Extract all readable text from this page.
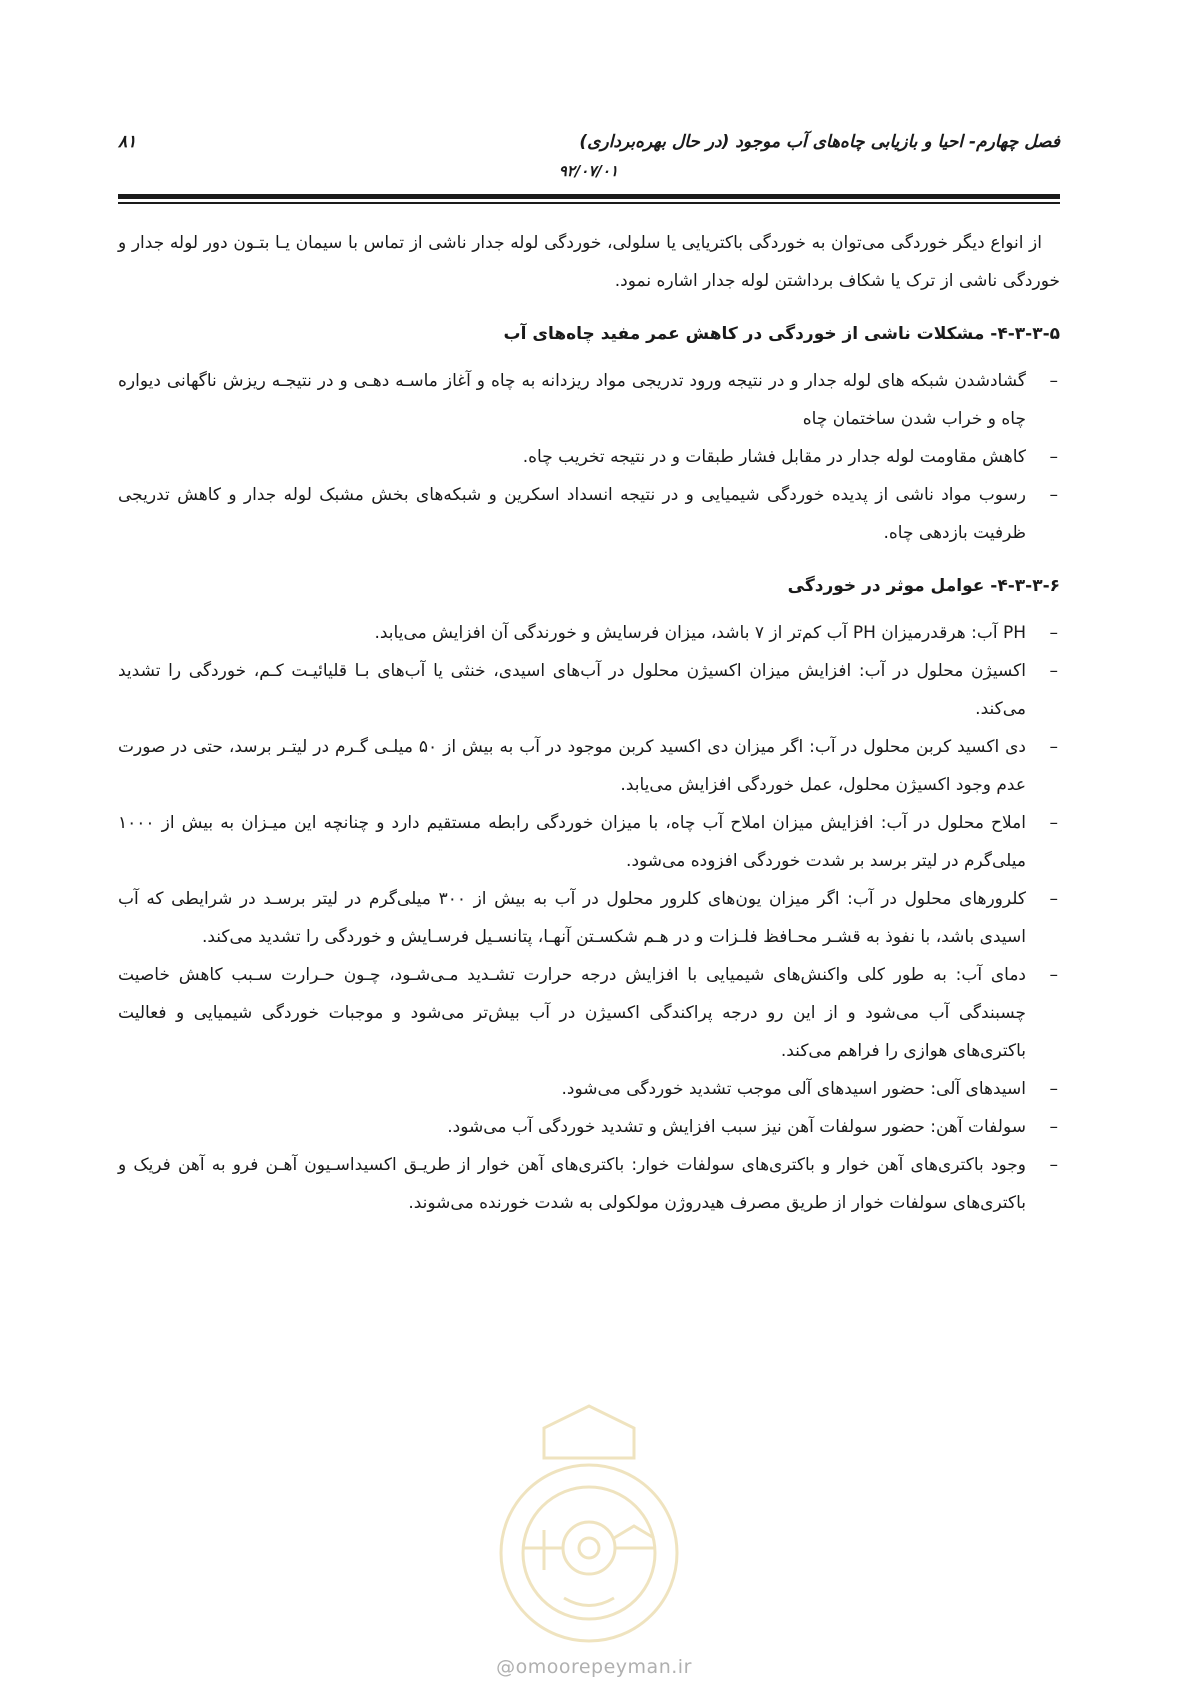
فصل چهارم- احیا و بازیابی چاه‌های آب موجود (در حال بهره‌برداری)
۹۲/۰۷/۰۱
۸۱

از انواع دیگر خوردگی می‌توان به خوردگی باکتریایی یا سلولی، خوردگی لوله جدار ناشی از تماس با سیمان یـا بتـون دور لوله جدار و خوردگی ناشی از ترک یا شکاف برداشتن لوله جدار اشاره نمود.

۴-۳-۳-۵- مشکلات ناشی از خوردگی در کاهش عمر مفید چاه‌های آب
–
گشادشدن شبکه های لوله جدار و در نتیجه ورود تدریجی مواد ریزدانه به چاه و آغاز ماسـه دهـی و در نتیجـه ریزش ناگهانی دیواره چاه و خراب شدن ساختمان چاه
–
کاهش مقاومت لوله جدار در مقابل فشار طبقات و در نتیجه تخریب چاه.
–
رسوب مواد ناشی از پدیده خوردگی شیمیایی و در نتیجه انسداد اسکرین و شبکه‌های بخش مشبک لوله جدار و کاهش تدریجی ظرفیت بازدهی چاه.
۴-۳-۳-۶- عوامل موثر در خوردگی
–
PH آب: هرقدرمیزان PH آب کم‌تر از ۷ باشد، میزان فرسایش و خورندگی آن افزایش می‌یابد.
–
اکسیژن محلول در آب: افزایش میزان اکسیژن محلول در آب‌های اسیدی، خنثی یا آب‌های بـا قلیائیـت کـم، خوردگی را تشدید می‌کند.
–
دی اکسید کربن محلول در آب: اگر میزان دی اکسید کربن موجود در آب به بیش از ۵۰ میلـی گـرم در لیتـر برسد، حتی در صورت عدم وجود اکسیژن محلول، عمل خوردگی افزایش می‌یابد.
–
املاح محلول در آب: افزایش میزان املاح آب چاه، با میزان خوردگی رابطه مستقیم دارد و چنانچه این میـزان به بیش از ۱۰۰۰ میلی‌گرم در لیتر برسد بر شدت خوردگی افزوده می‌شود.
–
کلرورهای محلول در آب: اگر میزان یون‌های کلرور محلول در آب به بیش از ۳۰۰ میلی‌گرم در لیتر برسـد در شرایطی که آب اسیدی باشد، با نفوذ به قشـر محـافظ فلـزات و در هـم شکسـتن آنهـا، پتانسـیل فرسـایش و خوردگی را تشدید می‌کند.
–
دمای آب: به طور کلی واکنش‌های شیمیایی با افزایش درجه حرارت تشـدید مـی‌شـود، چـون حـرارت سـبب کاهش خاصیت چسبندگی آب می‌شود و از این رو درجه پراکندگی اکسیژن در آب بیش‌تر می‌شود و موجبات خوردگی شیمیایی و فعالیت باکتری‌های هوازی را فراهم می‌کند.
–
اسیدهای آلی: حضور اسیدهای آلی موجب تشدید خوردگی می‌شود.
–
سولفات آهن: حضور سولفات آهن نیز سبب افزایش و تشدید خوردگی آب می‌شود.
–
وجود باکتری‌های آهن خوار و باکتری‌های سولفات خوار: باکتری‌های آهن خوار از طریـق اکسیداسـیون آهـن فرو به آهن فریک و باکتری‌های سولفات خوار از طریق مصرف هیدروژن مولکولی به شدت خورنده می‌شوند.
@omoorepeyman.ir
